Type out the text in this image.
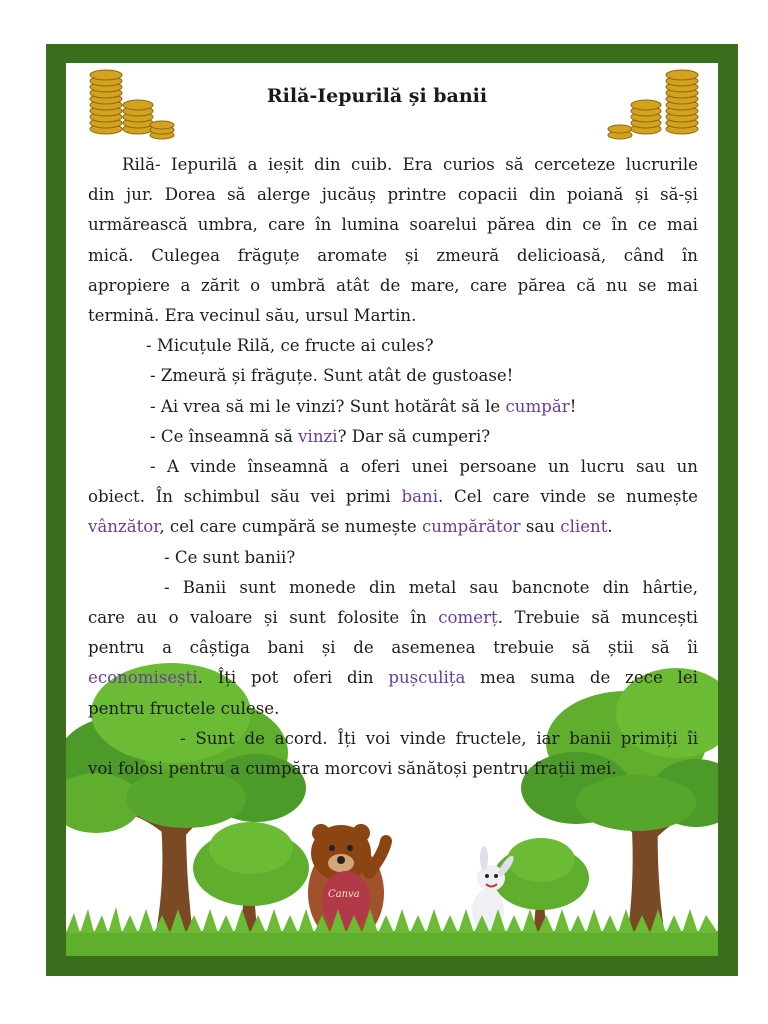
Rilă-Iepurilă și banii

Rilă- Iepurilă a ieșit din cuib. Era curios să cerceteze lucrurile

din jur. Dorea să alerge jucăuș printre copacii din poiană și să-și

urmărească umbra, care în lumina soarelui părea din ce în ce mai

mică. Culegea frăguțe aromate și zmeură delicioasă, când în

apropiere a zărit o umbră atât de mare, care părea că nu se mai

termină. Era vecinul său, ursul Martin.

- Micuțule Rilă, ce fructe ai cules?

- Zmeură și frăguțe. Sunt atât de gustoase!

- Ai vrea să mi le vinzi? Sunt hotărât să le cumpăr!

- Ce înseamnă să vinzi? Dar să cumperi?

- A vinde înseamnă a oferi unei persoane un lucru sau un

obiect. În schimbul său vei primi bani. Cel care vinde se numește

vânzător, cel care cumpără se numește cumpărător sau client.

- Ce sunt banii?

- Banii sunt monede din metal sau bancnote din hârtie,

care au o valoare și sunt folosite în comerț. Trebuie să muncești

pentru a câștiga bani și de asemenea trebuie să știi să îi

economisești. Îți pot oferi din pușculița mea suma de zece lei

pentru fructele culese.

- Sunt de acord. Îți voi vinde fructele, iar banii primiți îi

voi folosi pentru a cumpăra morcovi sănătoși pentru frații mei.

Canva
